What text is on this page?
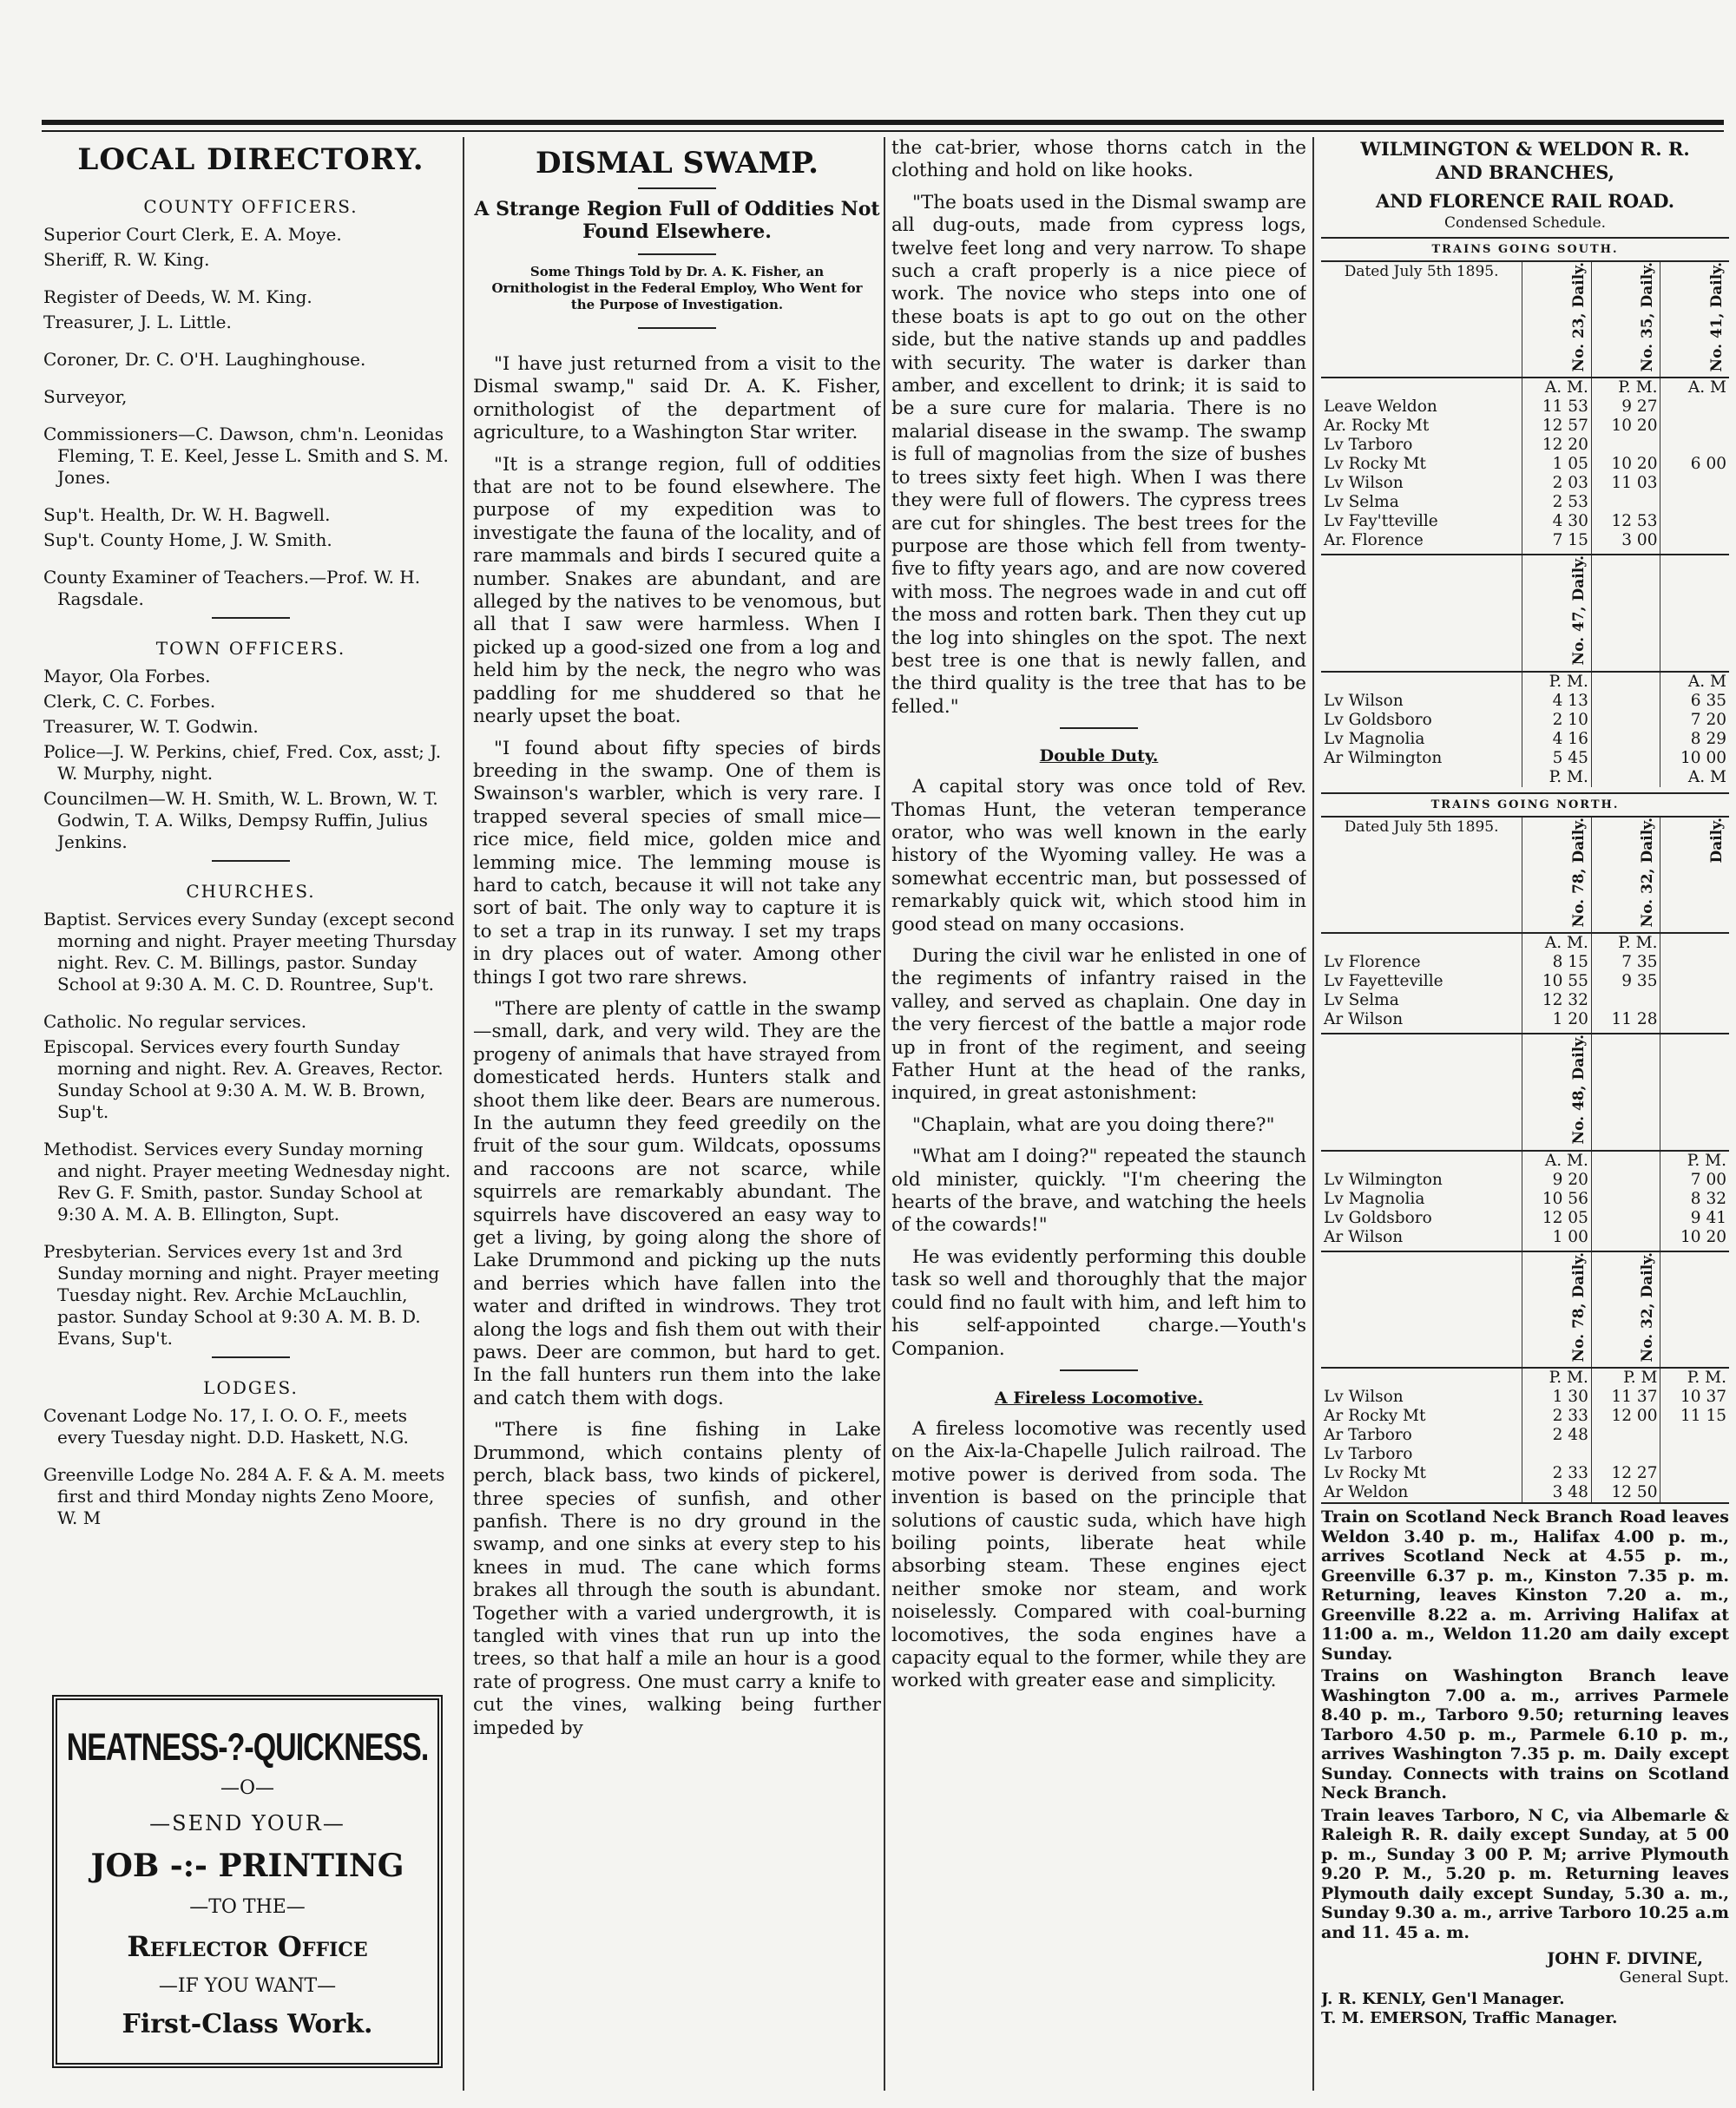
LOCAL DIRECTORY.
COUNTY OFFICERS.

Superior Court Clerk, E. A. Moye.

Sheriff, R. W. King.

Register of Deeds, W. M. King.

Treasurer, J. L. Little.

Coroner, Dr. C. O'H. Laughinghouse.

Surveyor,

Commissioners—C. Dawson, chm'n. Leonidas Fleming, T. E. Keel, Jesse L. Smith and S. M. Jones.

Sup't. Health, Dr. W. H. Bagwell.

Sup't. County Home, J. W. Smith.

County Examiner of Teachers.—Prof. W. H. Ragsdale.

TOWN OFFICERS.

Mayor, Ola Forbes.

Clerk, C. C. Forbes.

Treasurer, W. T. Godwin.

Police—J. W. Perkins, chief, Fred. Cox, asst; J. W. Murphy, night.

Councilmen—W. H. Smith, W. L. Brown, W. T. Godwin, T. A. Wilks, Dempsy Ruffin, Julius Jenkins.

CHURCHES.

Baptist. Services every Sunday (except second morning and night. Prayer meeting Thursday night. Rev. C. M. Billings, pastor. Sunday School at 9:30 A. M. C. D. Rountree, Sup't.

Catholic. No regular services.

Episcopal. Services every fourth Sunday morning and night. Rev. A. Greaves, Rector. Sunday School at 9:30 A. M. W. B. Brown, Sup't.

Methodist. Services every Sunday morning and night. Prayer meeting Wednesday night. Rev G. F. Smith, pastor. Sunday School at 9:30 A. M. A. B. Ellington, Supt.

Presbyterian. Services every 1st and 3rd Sunday morning and night. Prayer meeting Tuesday night. Rev. Archie McLauchlin, pastor. Sunday School at 9:30 A. M. B. D. Evans, Sup't.

LODGES.

Covenant Lodge No. 17, I. O. O. F., meets every Tuesday night. D.D. Haskett, N.G.

Greenville Lodge No. 284 A. F. & A. M. meets first and third Monday nights Zeno Moore, W. M

NEATNESS-?-QUICKNESS.
—O—
—SEND YOUR—
JOB -:- PRINTING
—TO THE—
Reflector Office
—IF YOU WANT—
First-Class Work.
DISMAL SWAMP.
A Strange Region Full of Oddities Not Found Elsewhere.
Some Things Told by Dr. A. K. Fisher, an Ornithologist in the Federal Employ, Who Went for the Purpose of Investigation.

"I have just returned from a visit to the Dismal swamp," said Dr. A. K. Fisher, ornithologist of the department of agriculture, to a Washington Star writer.

"It is a strange region, full of oddities that are not to be found elsewhere. The purpose of my expedition was to investigate the fauna of the locality, and of rare mammals and birds I secured quite a number. Snakes are abundant, and are alleged by the natives to be venomous, but all that I saw were harmless. When I picked up a good-sized one from a log and held him by the neck, the negro who was paddling for me shuddered so that he nearly upset the boat.

"I found about fifty species of birds breeding in the swamp. One of them is Swainson's warbler, which is very rare. I trapped several species of small mice—rice mice, field mice, golden mice and lemming mice. The lemming mouse is hard to catch, because it will not take any sort of bait. The only way to capture it is to set a trap in its runway. I set my traps in dry places out of water. Among other things I got two rare shrews.

"There are plenty of cattle in the swamp—small, dark, and very wild. They are the progeny of animals that have strayed from domesticated herds. Hunters stalk and shoot them like deer. Bears are numerous. In the autumn they feed greedily on the fruit of the sour gum. Wildcats, opossums and raccoons are not scarce, while squirrels are remarkably abundant. The squirrels have discovered an easy way to get a living, by going along the shore of Lake Drummond and picking up the nuts and berries which have fallen into the water and drifted in windrows. They trot along the logs and fish them out with their paws. Deer are common, but hard to get. In the fall hunters run them into the lake and catch them with dogs.

"There is fine fishing in Lake Drummond, which contains plenty of perch, black bass, two kinds of pickerel, three species of sunfish, and other panfish. There is no dry ground in the swamp, and one sinks at every step to his knees in mud. The cane which forms brakes all through the south is abundant. Together with a varied undergrowth, it is tangled with vines that run up into the trees, so that half a mile an hour is a good rate of progress. One must carry a knife to cut the vines, walking being further impeded by

the cat-brier, whose thorns catch in the clothing and hold on like hooks.

"The boats used in the Dismal swamp are all dug-outs, made from cypress logs, twelve feet long and very narrow. To shape such a craft properly is a nice piece of work. The novice who steps into one of these boats is apt to go out on the other side, but the native stands up and paddles with security. The water is darker than amber, and excellent to drink; it is said to be a sure cure for malaria. There is no malarial disease in the swamp. The swamp is full of magnolias from the size of bushes to trees sixty feet high. When I was there they were full of flowers. The cypress trees are cut for shingles. The best trees for the purpose are those which fell from twenty-five to fifty years ago, and are now covered with moss. The negroes wade in and cut off the moss and rotten bark. Then they cut up the log into shingles on the spot. The next best tree is one that is newly fallen, and the third quality is the tree that has to be felled."

Double Duty.

A capital story was once told of Rev. Thomas Hunt, the veteran temperance orator, who was well known in the early history of the Wyoming valley. He was a somewhat eccentric man, but possessed of remarkably quick wit, which stood him in good stead on many occasions.

During the civil war he enlisted in one of the regiments of infantry raised in the valley, and served as chaplain. One day in the very fiercest of the battle a major rode up in front of the regiment, and seeing Father Hunt at the head of the ranks, inquired, in great astonishment:

"Chaplain, what are you doing there?"

"What am I doing?" repeated the staunch old minister, quickly. "I'm cheering the hearts of the brave, and watching the heels of the cowards!"

He was evidently performing this double task so well and thoroughly that the major could find no fault with him, and left him to his self-appointed charge.—Youth's Companion.

A Fireless Locomotive.

A fireless locomotive was recently used on the Aix-la-Chapelle Julich railroad. The motive power is derived from soda. The invention is based on the principle that solutions of caustic suda, which have high boiling points, liberate heat while absorbing steam. These engines eject neither smoke nor steam, and work noiselessly. Compared with coal-burning locomotives, the soda engines have a capacity equal to the former, while they are worked with greater ease and simplicity.

WILMINGTON & WELDON R. R.
AND BRANCHES,
AND FLORENCE RAIL ROAD.
Condensed Schedule.
TRAINS GOING SOUTH.
Dated July 5th 1895.	No. 23, Daily.	No. 35, Daily.	No. 41, Daily.
	A. M.	P. M.	A. M
Leave Weldon	11 53	9 27	
Ar. Rocky Mt	12 57	10 20	

Lv Tarboro	12 20		

Lv Rocky Mt	1 05	10 20	6 00
Lv Wilson	2 03	11 03	
Lv Selma	2 53		
Lv Fay'tteville	4 30	12 53	
Ar. Florence	7 15	3 00	

	No. 47, Daily.		
	P. M.		A. M
Lv Wilson	4 13		6 35
Lv Goldsboro	2 10		7 20
Lv Magnolia	4 16		8 29
Ar Wilmington	5 45		10 00
	P. M.		A. M
TRAINS GOING NORTH.
Dated July 5th 1895.	No. 78, Daily.	No. 32, Daily.	Daily.
	A. M.	P. M.	
Lv Florence	8 15	7 35	
Lv Fayetteville	10 55	9 35	
Lv Selma	12 32		
Ar Wilson	1 20	11 28	

	No. 48, Daily.		
	A. M.		P. M.
Lv Wilmington	9 20		7 00
Lv Magnolia	10 56		8 32
Lv Goldsboro	12 05		9 41
Ar Wilson	1 00		10 20

	No. 78, Daily.	No. 32, Daily.	
	P. M.	P. M	P. M.
Lv Wilson	1 30	11 37	10 37
Ar Rocky Mt	2 33	12 00	11 15

Ar Tarboro	2 48		
Lv Tarboro			
Lv Rocky Mt	2 33	12 27	
Ar Weldon	3 48	12 50	

Train on Scotland Neck Branch Road leaves Weldon 3.40 p. m., Halifax 4.00 p. m., arrives Scotland Neck at 4.55 p. m., Greenville 6.37 p. m., Kinston 7.35 p. m. Returning, leaves Kinston 7.20 a. m., Greenville 8.22 a. m. Arriving Halifax at 11:00 a. m., Weldon 11.20 am daily except Sunday.

Trains on Washington Branch leave Washington 7.00 a. m., arrives Parmele 8.40 p. m., Tarboro 9.50; returning leaves Tarboro 4.50 p. m., Parmele 6.10 p. m., arrives Washington 7.35 p. m. Daily except Sunday. Connects with trains on Scotland Neck Branch.

Train leaves Tarboro, N C, via Albemarle & Raleigh R. R. daily except Sunday, at 5 00 p. m., Sunday 3 00 P. M; arrive Plymouth 9.20 P. M., 5.20 p. m. Returning leaves Plymouth daily except Sunday, 5.30 a. m., Sunday 9.30 a. m., arrive Tarboro 10.25 a.m and 11. 45 a. m.

JOHN F. DIVINE,
General Supt.
J. R. KENLY, Gen'l Manager.
T. M. EMERSON, Traffic Manager.
